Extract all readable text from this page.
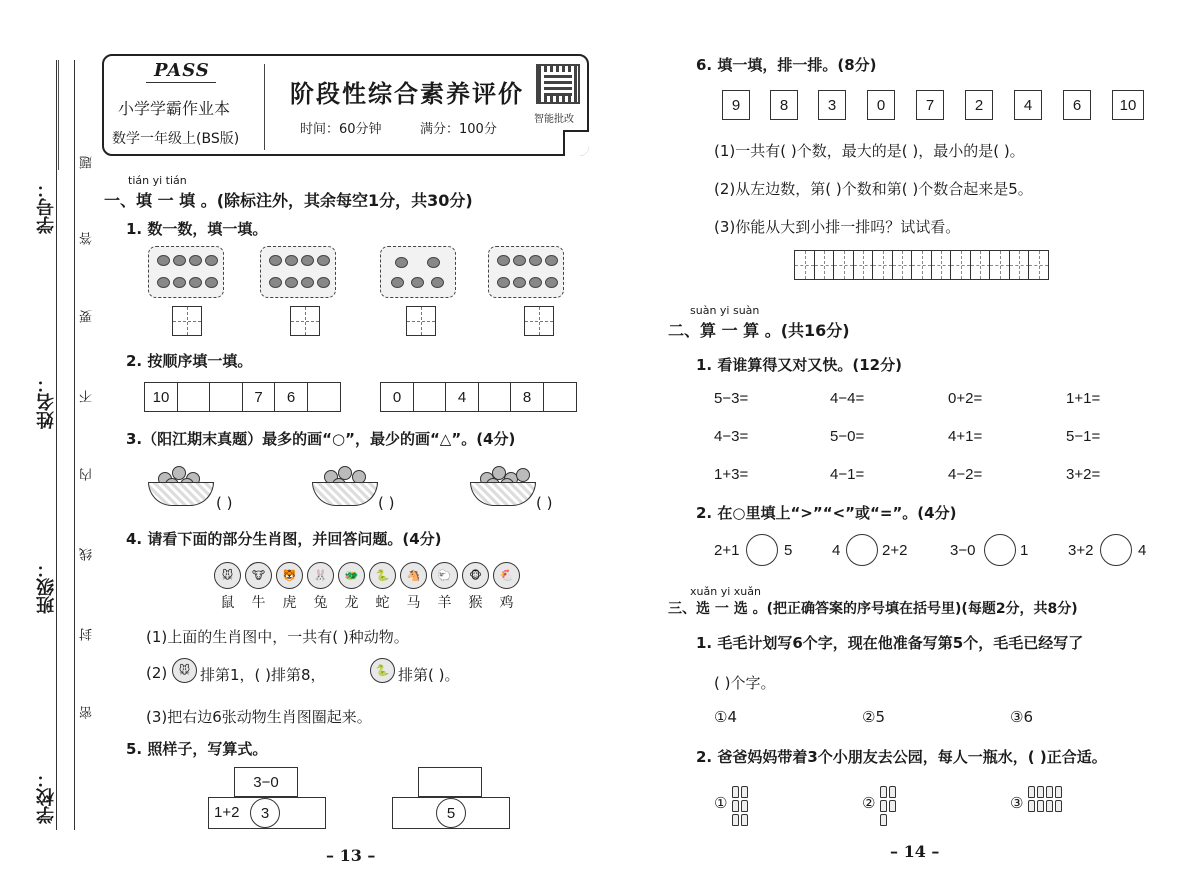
学号：
姓名：
班级：
学校：
题
答
要
不
内
线
封
密
PASS
小学学霸作业本
数学一年级上(BS版)
阶段性综合素养评价
时间：60分钟	满分：100分
智能批改
tián yi tián
一、填 一 填 。(除标注外，其余每空1分，共30分)
1. 数一数，填一填。
2. 按顺序填一填。
10	7	6	0	4	8
3.（阳江期末真题）最多的画“○”，最少的画“△”。(4分)
( )	( )	( )
4. 请看下面的部分生肖图，并回答问题。(4分)
🐭	🐮	🐯	🐰	🐲	🐍	🐴	🐑	🐵	🐔
鼠	牛	虎	兔	龙	蛇	马	羊	猴	鸡
(1)上面的生肖图中，一共有( )种动物。
(2)	🐭 排第1，( )排第8，	🐍 排第( )。
(3)把右边6张动物生肖图圈起来。
5. 照样子，写算式。
3−0
1+2	3	5
– 13 –
6. 填一填，排一排。(8分)
9	8	3	0	7	2	4	6	10
(1)一共有( )个数，最大的是( )，最小的是( )。
(2)从左边数，第( )个数和第( )个数合起来是5。
(3)你能从大到小排一排吗？试试看。
suàn yi suàn
二、算 一 算 。(共16分)
1. 看谁算得又对又快。(12分)
5−3=	4−4=	0+2=	1+1=
4−3=	5−0=	4+1=	5−1=
1+3=	4−1=	4−2=	3+2=
2. 在○里填上“>”“<”或“=”。(4分)
2+1	5	4	2+2	3−0	1	3+2	4
xuǎn yi xuǎn
三、选 一 选 。(把正确答案的序号填在括号里)(每题2分，共8分)
1. 毛毛计划写6个字，现在他准备写第5个，毛毛已经写了
( )个字。
①4	②5	③6
2. 爸爸妈妈带着3个小朋友去公园，每人一瓶水，( )正合适。
①	②	③
– 14 –
